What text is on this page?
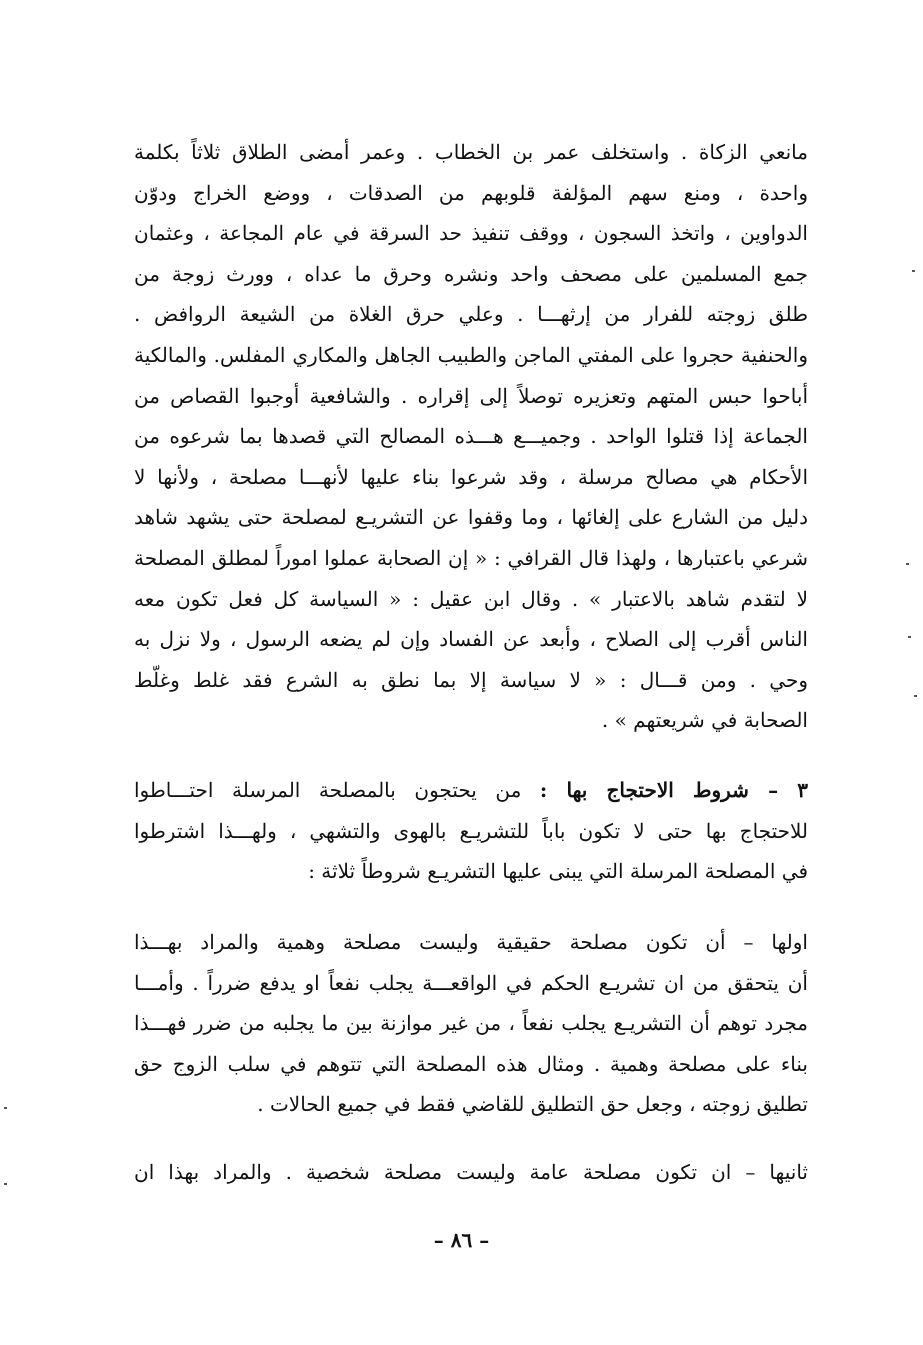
مانعي الزكاة . واستخلف عمر بن الخطاب . وعمر أمضى الطلاق ثلاثاً بكلمة
واحدة ، ومنع سهم المؤلفة قلوبهم من الصدقات ، ووضع الخراج ودوّن
الدواوين ، واتخذ السجون ، ووقف تنفيذ حد السرقة في عام المجاعة ، وعثمان
جمع المسلمين على مصحف واحد ونشره وحرق ما عداه ، وورث زوجة من
طلق زوجته للفرار من إرثهـــا . وعلي حرق الغلاة من الشيعة الروافض .
والحنفية حجروا على المفتي الماجن والطبيب الجاهل والمكاري المفلس. والمالكية
أباحوا حبس المتهم وتعزيره توصلاً إلى إقراره . والشافعية أوجبوا القصاص من
الجماعة إذا قتلوا الواحد . وجميـــع هـــذه المصالح التي قصدها بما شرعوه من
الأحكام هي مصالح مرسلة ، وقد شرعوا بناء عليها لأنهـــا مصلحة ، ولأنها لا
دليل من الشارع على إلغائها ، وما وقفوا عن التشريـع لمصلحة حتى يشهد شاهد
شرعي باعتبارها ، ولهذا قال القرافي : « إن الصحابة عملوا اموراً لمطلق المصلحة
لا لتقدم شاهد بالاعتبار » . وقال ابن عقيل : « السياسة كل فعل تكون معه
الناس أقرب إلى الصلاح ، وأبعد عن الفساد وإن لم يضعه الرسول ، ولا نزل به
وحي . ومن قـــال : « لا سياسة إلا بما نطق به الشرع فقد غلط وغلّط
الصحابة في شريعتهم » .
٣ – شروط الاحتجاج بها : من يحتجون بالمصلحة المرسلة احتـــاطوا
للاحتجاج بها حتى لا تكون باباً للتشريـع بالهوى والتشهي ، ولهـــذا اشترطوا
في المصلحة المرسلة التي يبنى عليها التشريـع شروطاً ثلاثة :
اولها – أن تكون مصلحة حقيقية وليست مصلحة وهمية والمراد بهـــذا
أن يتحقق من ان تشريـع الحكم في الواقعـــة يجلب نفعاً او يدفع ضرراً . وأمـــا
مجرد توهم أن التشريـع يجلب نفعاً ، من غير موازنة بين ما يجلبه من ضرر فهـــذا
بناء على مصلحة وهمية . ومثال هذه المصلحة التي تتوهم في سلب الزوج حق
تطليق زوجته ، وجعل حق التطليق للقاضي فقط في جميع الحالات .
ثانيها – ان تكون مصلحة عامة وليست مصلحة شخصية . والمراد بهذا ان
– ٨٦ –
